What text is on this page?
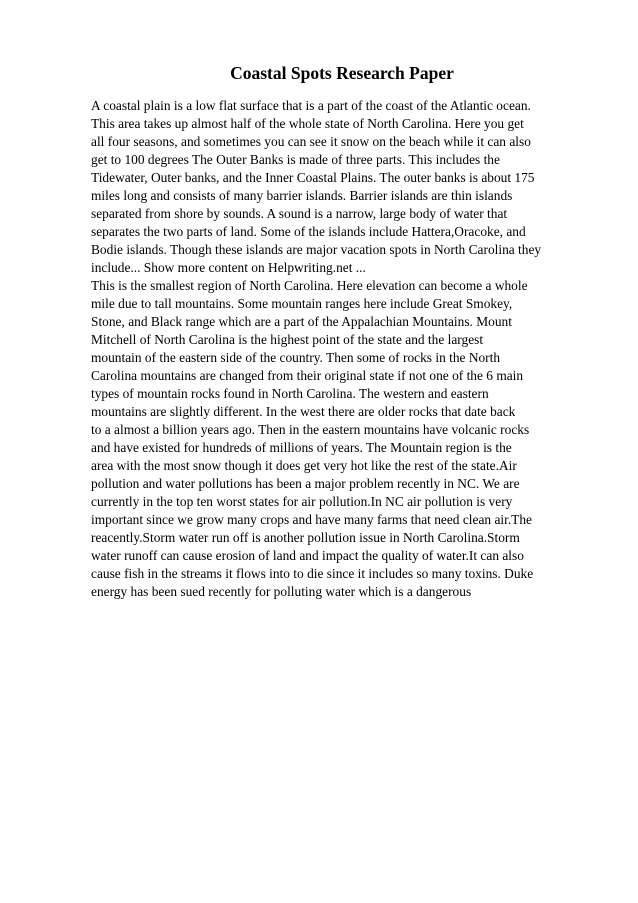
Coastal Spots Research Paper
A coastal plain is a low flat surface that is a part of the coast of the Atlantic ocean.
This area takes up almost half of the whole state of North Carolina. Here you get
all four seasons, and sometimes you can see it snow on the beach while it can also
get to 100 degrees The Outer Banks is made of three parts. This includes the
Tidewater, Outer banks, and the Inner Coastal Plains. The outer banks is about 175
miles long and consists of many barrier islands. Barrier islands are thin islands
separated from shore by sounds. A sound is a narrow, large body of water that
separates the two parts of land. Some of the islands include Hattera,Oracoke, and
Bodie islands. Though these islands are major vacation spots in North Carolina they
include... Show more content on Helpwriting.net ...
This is the smallest region of North Carolina. Here elevation can become a whole
mile due to tall mountains. Some mountain ranges here include Great Smokey,
Stone, and Black range which are a part of the Appalachian Mountains. Mount
Mitchell of North Carolina is the highest point of the state and the largest
mountain of the eastern side of the country. Then some of rocks in the North
Carolina mountains are changed from their original state if not one of the 6 main
types of mountain rocks found in North Carolina. The western and eastern
mountains are slightly different. In the west there are older rocks that date back
to a almost a billion years ago. Then in the eastern mountains have volcanic rocks
and have existed for hundreds of millions of years. The Mountain region is the
area with the most snow though it does get very hot like the rest of the state.Air
pollution and water pollutions has been a major problem recently in NC. We are
currently in the top ten worst states for air pollution.In NC air pollution is very
important since we grow many crops and have many farms that need clean air.The
reacently.Storm water run off is another pollution issue in North Carolina.Storm
water runoff can cause erosion of land and impact the quality of water.It can also
cause fish in the streams it flows into to die since it includes so many toxins. Duke
energy has been sued recently for polluting water which is a dangerous
